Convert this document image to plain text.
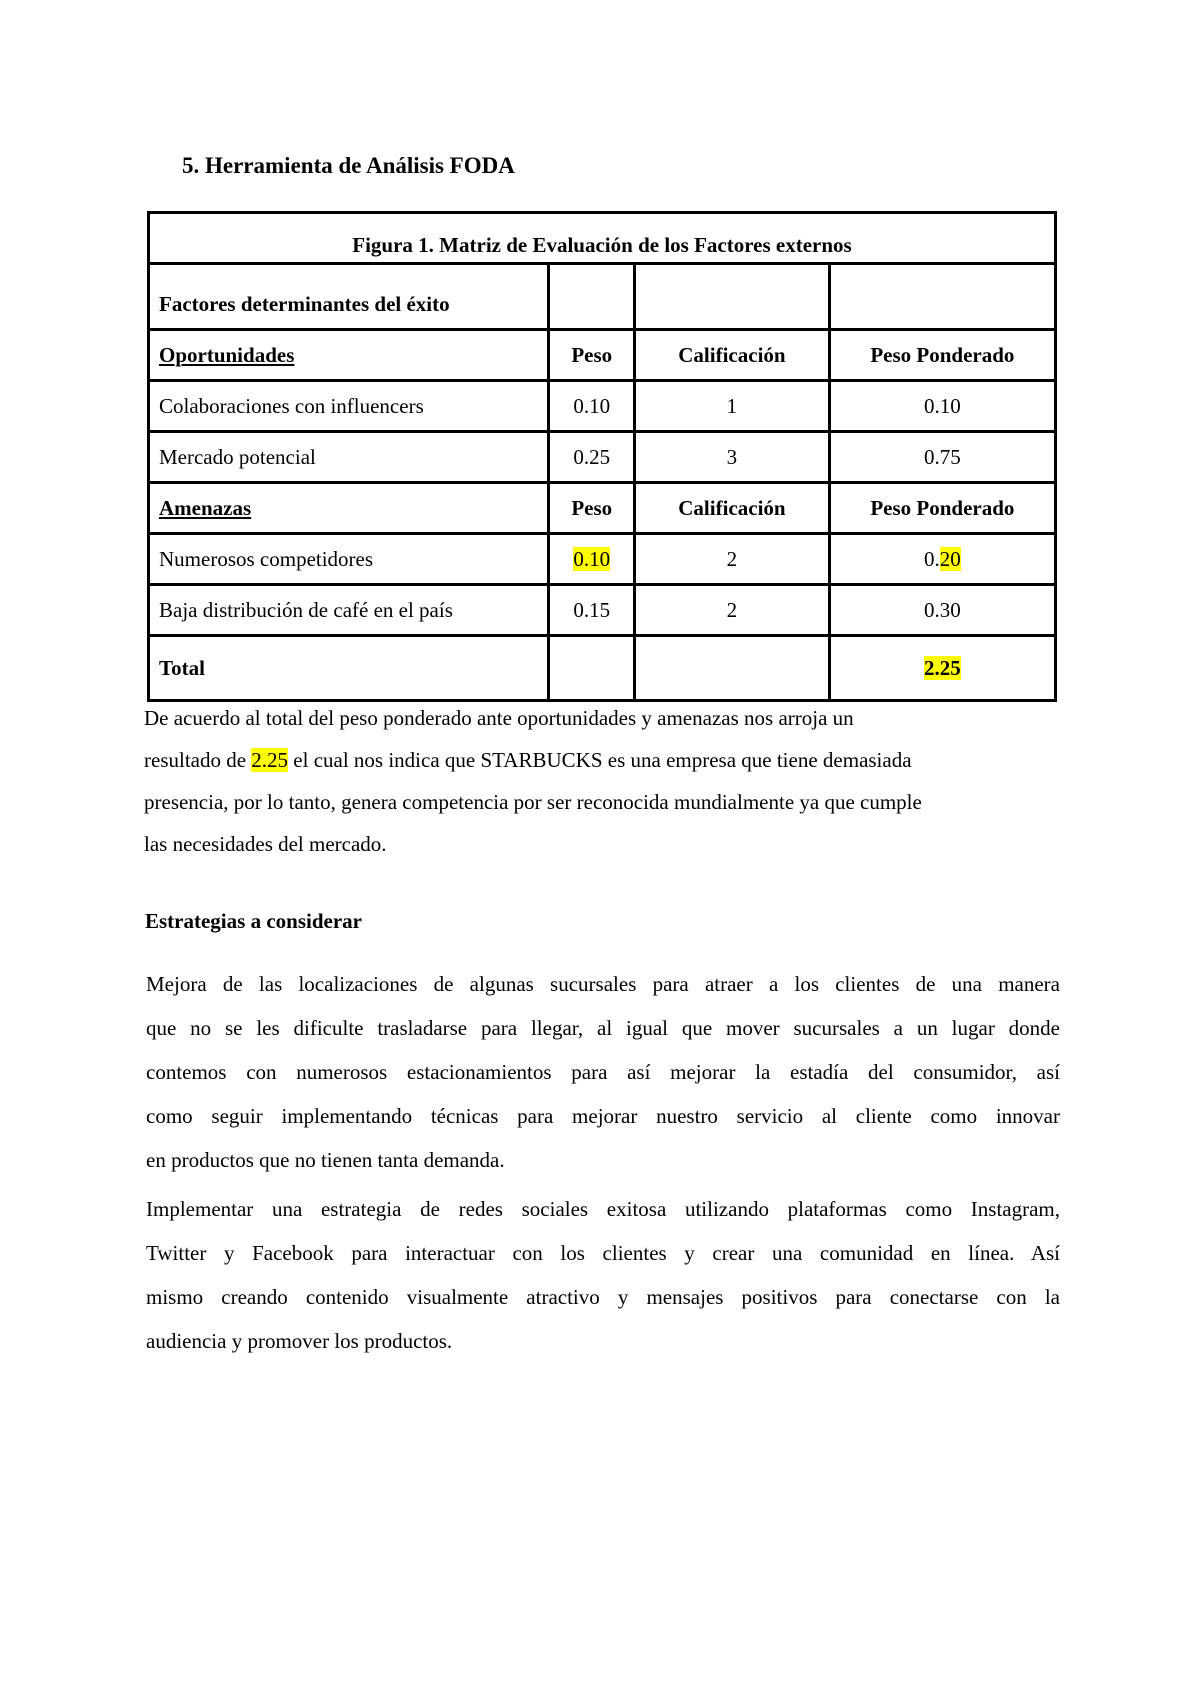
5. Herramienta de Análisis FODA
Figura 1. Matriz de Evaluación de los Factores externos			
Factores determinantes del éxito			
Oportunidades	Peso	Calificación	Peso Ponderado
Colaboraciones con influencers	0.10	1	0.10
Mercado potencial	0.25	3	0.75
Amenazas	Peso	Calificación	Peso Ponderado
Numerosos competidores	0.10	2	0.20
Baja distribución de café en el país	0.15	2	0.30
Total			2.25

De acuerdo al total del peso ponderado ante oportunidades y amenazas nos arroja un
resultado de 2.25 el cual nos indica que STARBUCKS es una empresa que tiene demasiada
presencia, por lo tanto, genera competencia por ser reconocida mundialmente ya que cumple
las necesidades del mercado.

Estrategias a considerar

Mejora de las localizaciones de algunas sucursales para atraer a los clientes de una manera
que no se les dificulte trasladarse para llegar, al igual que mover sucursales a un lugar donde
contemos con numerosos estacionamientos para así mejorar la estadía del consumidor, así
como seguir implementando técnicas para mejorar nuestro servicio al cliente como innovar
en productos que no tienen tanta demanda.

Implementar una estrategia de redes sociales exitosa utilizando plataformas como Instagram,
Twitter y Facebook para interactuar con los clientes y crear una comunidad en línea. Así
mismo creando contenido visualmente atractivo y mensajes positivos para conectarse con la
audiencia y promover los productos.
